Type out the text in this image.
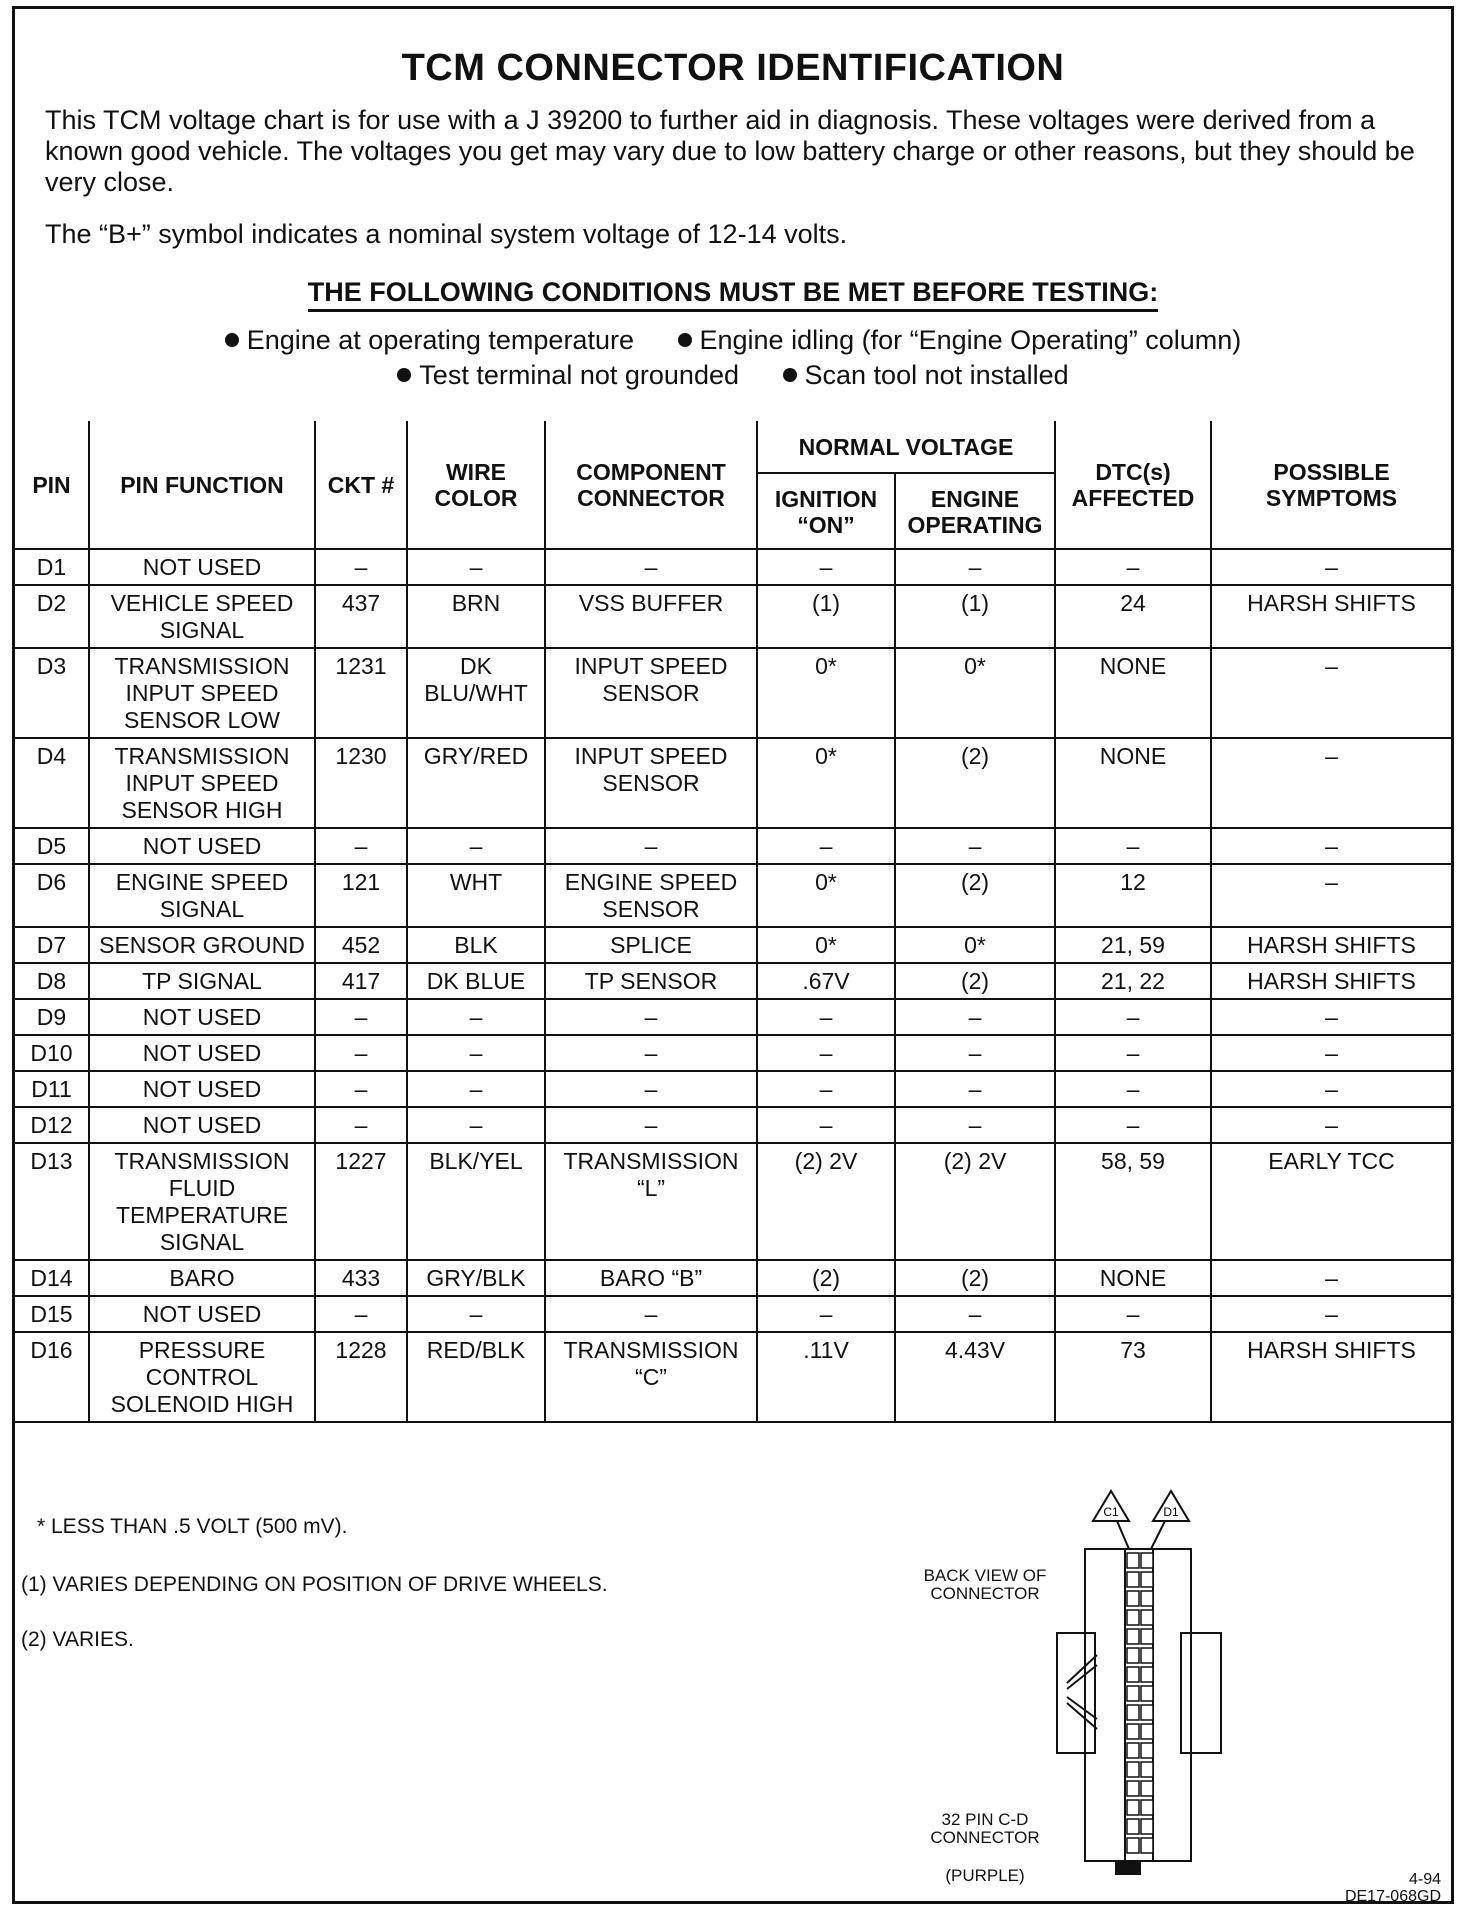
TCM CONNECTOR IDENTIFICATION
This TCM voltage chart is for use with a J 39200 to further aid in diagnosis. These voltages were derived from a known good vehicle. The voltages you get may vary due to low battery charge or other reasons, but they should be very close.
The “B+” symbol indicates a nominal system voltage of 12-14 volts.
THE FOLLOWING CONDITIONS MUST BE MET BEFORE TESTING:
Engine at operating temperature Engine idling (for “Engine Operating” column)
Test terminal not grounded Scan tool not installed
PIN	PIN FUNCTION	CKT #	WIRE COLOR	COMPONENT CONNECTOR	NORMAL VOLTAGE		DTC(s) AFFECTED	POSSIBLE SYMPTOMS
					IGNITION “ON”	ENGINE OPERATING		
D1	NOT USED	–	–	–	–	–	–	–
D2	VEHICLE SPEED SIGNAL	437	BRN	VSS BUFFER	(1)	(1)	24	HARSH SHIFTS
D3	TRANSMISSION INPUT SPEED SENSOR LOW	1231	DK BLU/WHT	INPUT SPEED SENSOR	0*	0*	NONE	–
D4	TRANSMISSION INPUT SPEED SENSOR HIGH	1230	GRY/RED	INPUT SPEED SENSOR	0*	(2)	NONE	–
D5	NOT USED	–	–	–	–	–	–	–
D6	ENGINE SPEED SIGNAL	121	WHT	ENGINE SPEED SENSOR	0*	(2)	12	–
D7	SENSOR GROUND	452	BLK	SPLICE	0*	0*	21, 59	HARSH SHIFTS
D8	TP SIGNAL	417	DK BLUE	TP SENSOR	.67V	(2)	21, 22	HARSH SHIFTS
D9	NOT USED	–	–	–	–	–	–	–
D10	NOT USED	–	–	–	–	–	–	–
D11	NOT USED	–	–	–	–	–	–	–
D12	NOT USED	–	–	–	–	–	–	–
D13	TRANSMISSION FLUID TEMPERATURE SIGNAL	1227	BLK/YEL	TRANSMISSION “L”	(2) 2V	(2) 2V	58, 59	EARLY TCC
D14	BARO	433	GRY/BLK	BARO “B”	(2)	(2)	NONE	–
D15	NOT USED	–	–	–	–	–	–	–
D16	PRESSURE CONTROL SOLENOID HIGH	1228	RED/BLK	TRANSMISSION “C”	.11V	4.43V	73	HARSH SHIFTS
* LESS THAN .5 VOLT (500 mV).
(1) VARIES DEPENDING ON POSITION OF DRIVE WHEELS.
(2) VARIES.
BACK VIEW OF CONNECTOR
32 PIN C-D CONNECTOR
(PURPLE)	4-94
DE17-068GD
C1	D1
